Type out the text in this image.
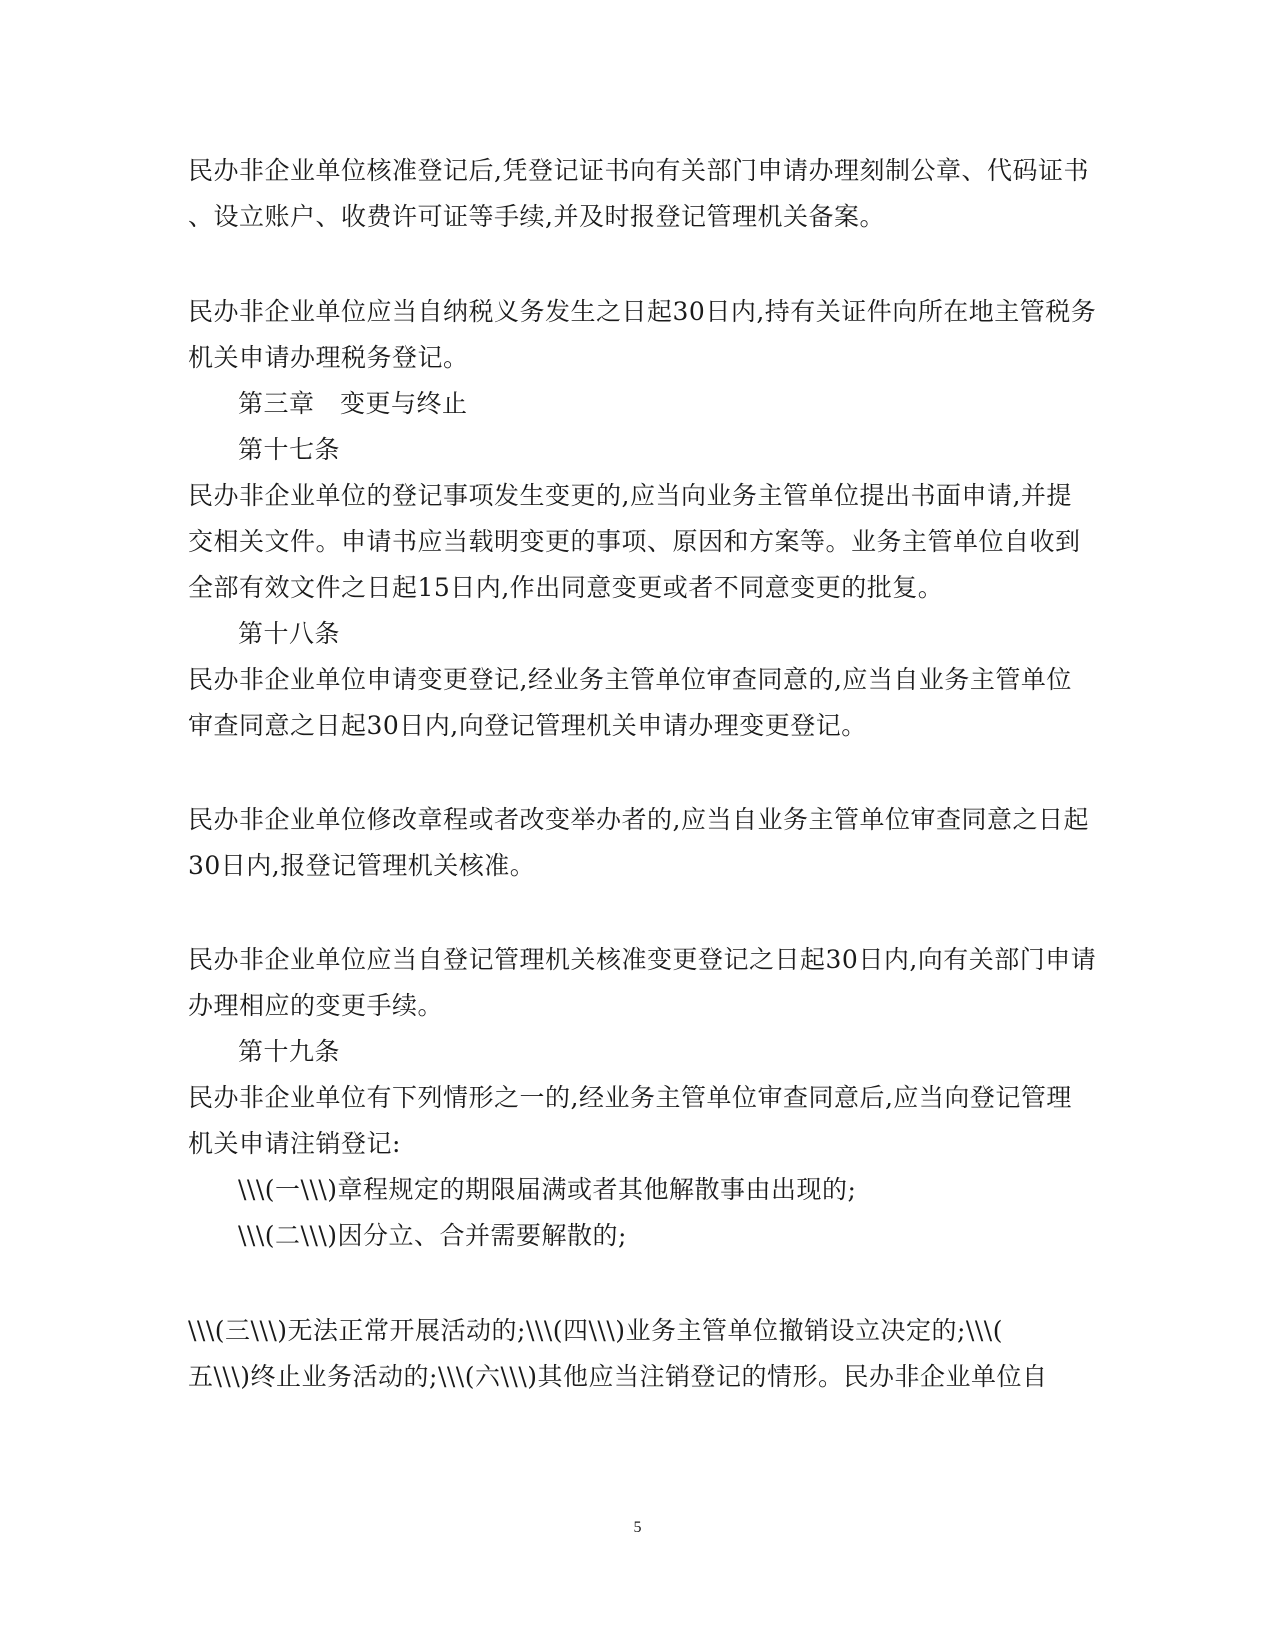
民办非企业单位核准登记后,凭登记证书向有关部门申请办理刻制公章、代码证书
、设立账户、收费许可证等手续,并及时报登记管理机关备案。
民办非企业单位应当自纳税义务发生之日起30日内,持有关证件向所在地主管税务
机关申请办理税务登记。
第三章　变更与终止
第十七条
民办非企业单位的登记事项发生变更的,应当向业务主管单位提出书面申请,并提
交相关文件。申请书应当载明变更的事项、原因和方案等。业务主管单位自收到
全部有效文件之日起15日内,作出同意变更或者不同意变更的批复。
第十八条
民办非企业单位申请变更登记,经业务主管单位审查同意的,应当自业务主管单位
审查同意之日起30日内,向登记管理机关申请办理变更登记。
民办非企业单位修改章程或者改变举办者的,应当自业务主管单位审查同意之日起
30日内,报登记管理机关核准。
民办非企业单位应当自登记管理机关核准变更登记之日起30日内,向有关部门申请
办理相应的变更手续。
第十九条
民办非企业单位有下列情形之一的,经业务主管单位审查同意后,应当向登记管理
机关申请注销登记:
\\\(一\\\)章程规定的期限届满或者其他解散事由出现的;
\\\(二\\\)因分立、合并需要解散的;
\\\(三\\\)无法正常开展活动的;\\\(四\\\)业务主管单位撤销设立决定的;\\\(
五\\\)终止业务活动的;\\\(六\\\)其他应当注销登记的情形。民办非企业单位自
5
